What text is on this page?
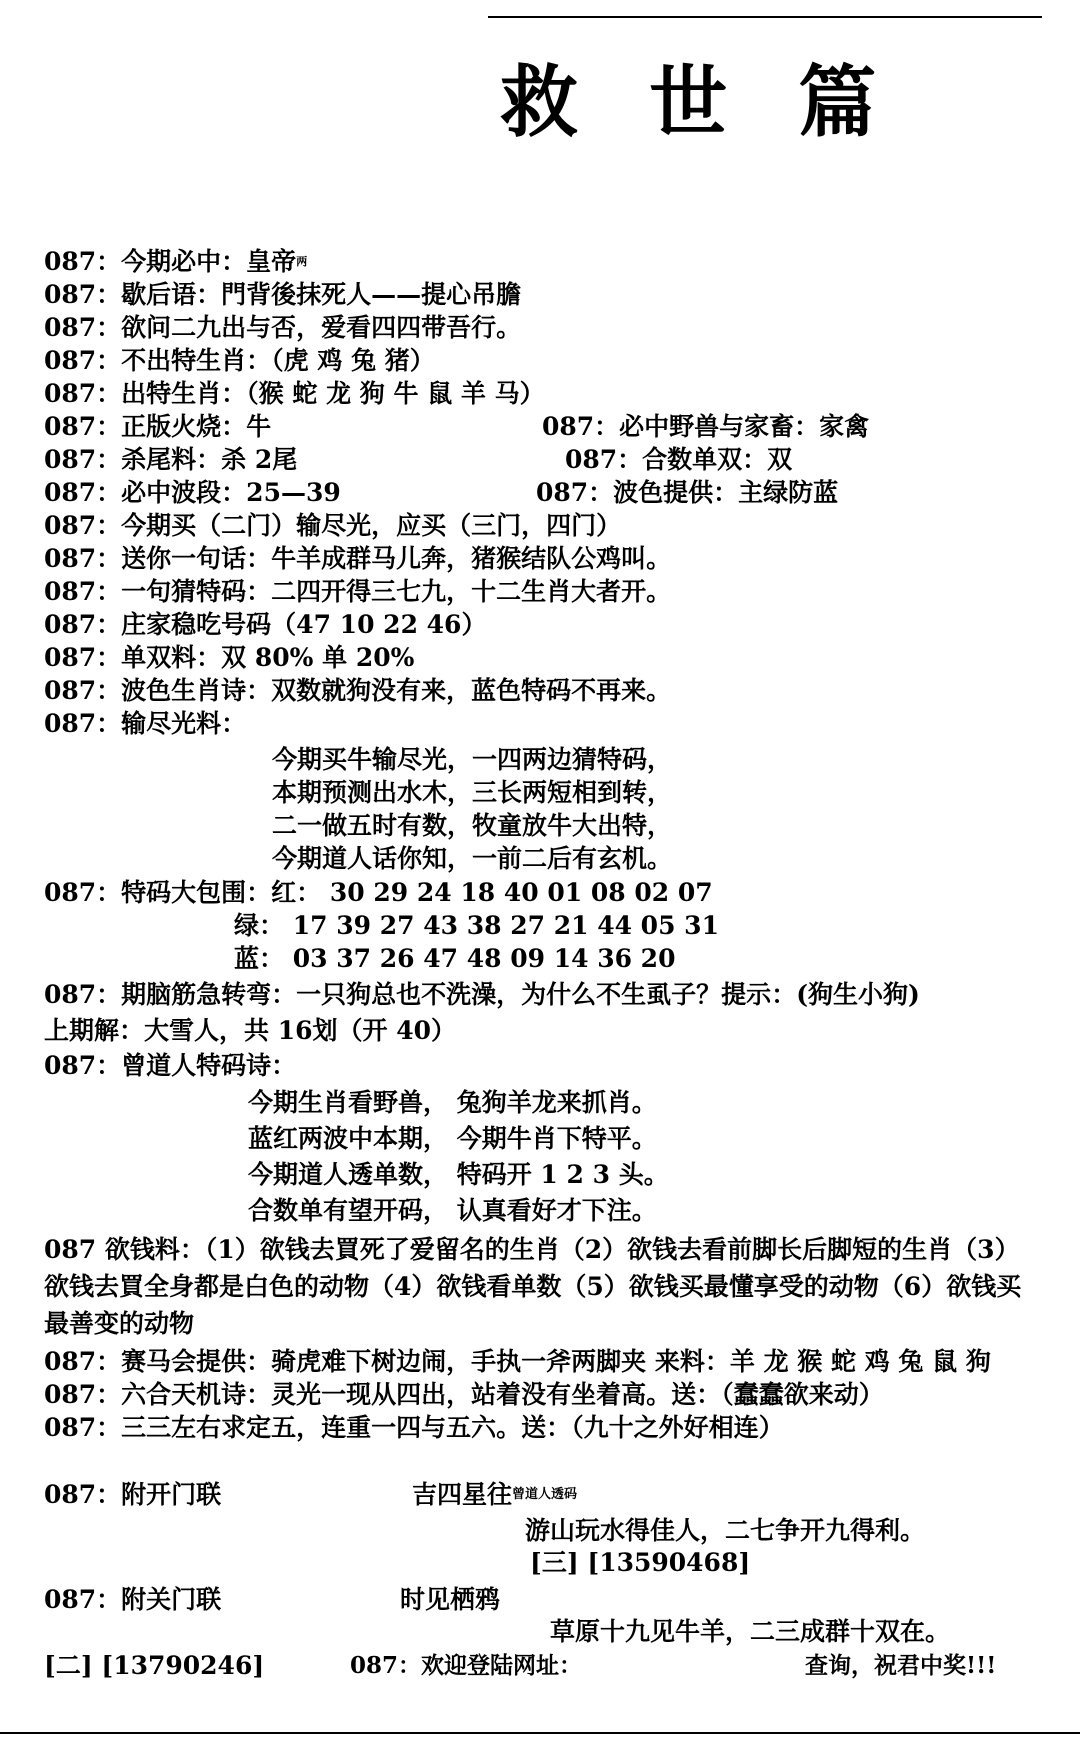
救 世 篇
087：今期必中：皇帝$^两$
087：歇后语：門背後抹死人——提心吊膽
087：欲问二九出与否，爱看四四带吾行。
087：不出特生肖：（虎 鸡 兔 猪）
087：出特生肖：（猴 蛇 龙 狗 牛 鼠 羊 马）
087：正版火烧：牛	087：必中野兽与家畜：家禽
087：杀尾料：杀 2尾	087：合数单双：双
087：必中波段：25—39	087：波色提供：主绿防蓝
087：今期买（二门）输尽光，应买（三门，四门）
087：送你一句话：牛羊成群马儿奔，猪猴结队公鸡叫。
087：一句猜特码：二四开得三七九，十二生肖大者开。
087：庄家稳吃号码（47 10 22 46）
087：单双料：双 80% 单 20%
087：波色生肖诗：双数就狗没有来，蓝色特码不再来。
087：输尽光料：
今期买牛输尽光，一四两边猜特码，
本期预测出水木，三长两短相到转，
二一做五时有数，牧童放牛大出特，
今期道人话你知，一前二后有玄机。
087：特码大包围：红： 30 29 24 18 40 01 08 02 07
绿： 17 39 27 43 38 27 21 44 05 31
蓝： 03 37 26 47 48 09 14 36 20
087：期脑筋急转弯：一只狗总也不洗澡，为什么不生虱子？提示：(狗生小狗)
上期解：大雪人，共 16划（开 40）
087：曾道人特码诗：
今期生肖看野兽， 兔狗羊龙来抓肖。
蓝红两波中本期， 今期牛肖下特平。
今期道人透单数， 特码开 1 2 3 头。
合数单有望开码， 认真看好才下注。
087 欲钱料：（1）欲钱去買死了爱留名的生肖（2）欲钱去看前脚长后脚短的生肖（3）欲钱去買全身都是白色的动物（4）欲钱看单数（5）欲钱买最懂享受的动物（6）欲钱买最善变的动物
087：赛马会提供：骑虎难下树边闹，手执一斧两脚夹 来料：羊 龙 猴 蛇 鸡 兔 鼠 狗
087：六合天机诗：灵光一现从四出，站着没有坐着高。送：（蠢蠢欲来动）
087：三三左右求定五，连重一四与五六。送：（九十之外好相连）
087：附开门联	吉四星往$^{曾道人透码}$
游山玩水得佳人，二七争开九得利。
[三] [13590468]
087：附关门联	时见栖鸦
草原十九见牛羊，二三成群十双在。
[二] [13790246]	087：欢迎登陆网址：	查询，祝君中奖!!!
